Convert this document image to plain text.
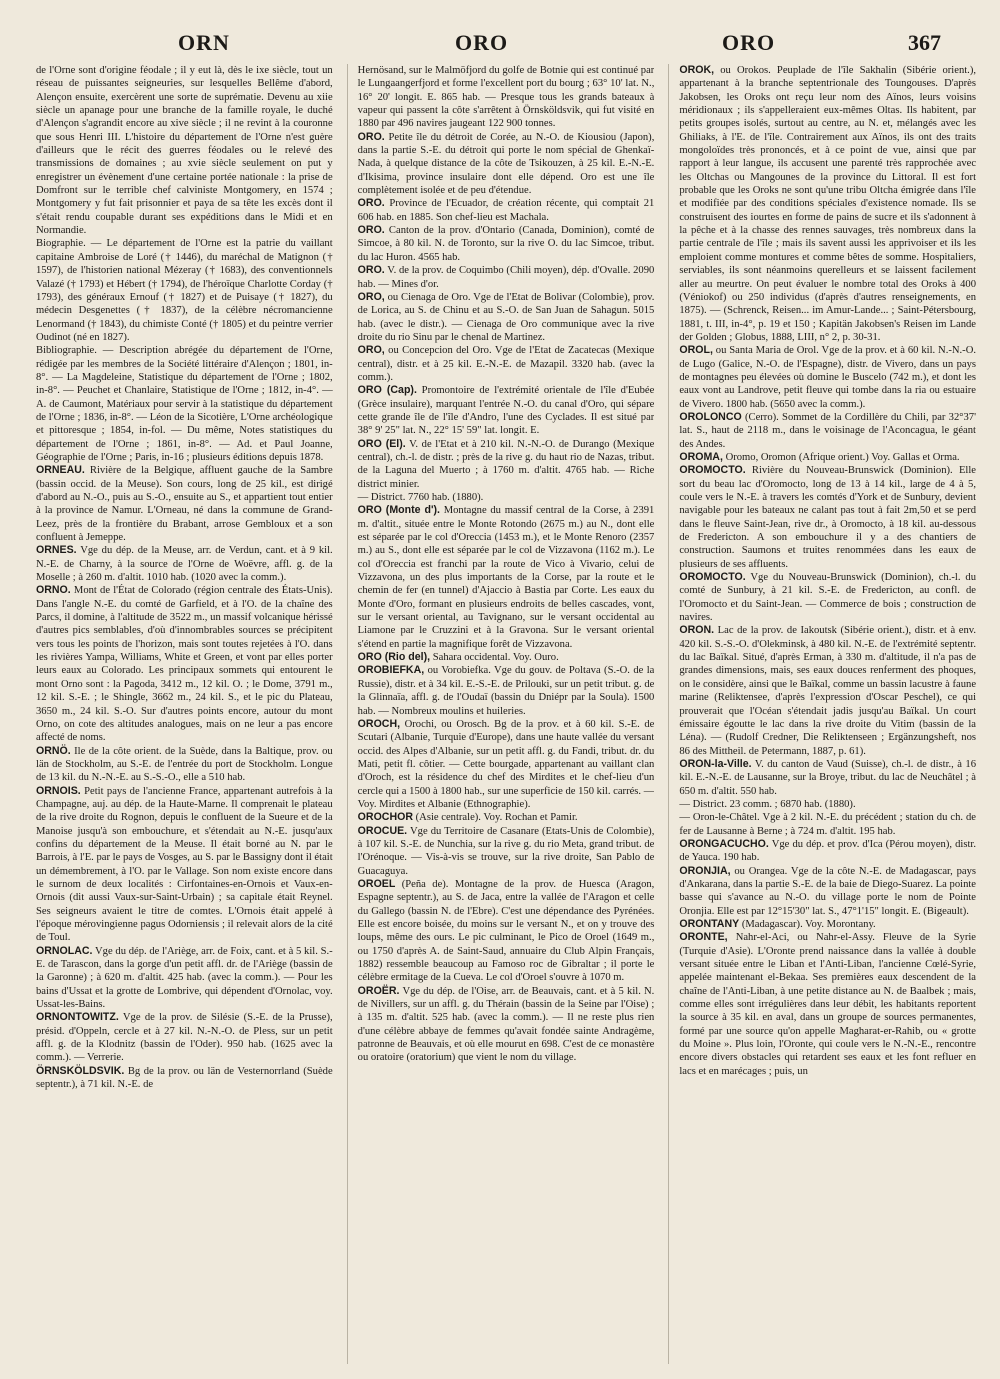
ORN	ORO	ORO	367

de l'Orne sont d'origine féodale ; il y eut là, dès le ixe siècle, tout un réseau de puissantes seigneuries, sur lesquelles Bellême d'abord, Alençon ensuite, exercèrent une sorte de suprématie. Devenu au xiie siècle un apanage pour une branche de la famille royale, le duché d'Alençon s'agrandit encore au xive siècle ; il ne revint à la couronne que sous Henri III. L'histoire du département de l'Orne n'est guère d'ailleurs que le récit des guerres féodales ou le relevé des transmissions de domaines ; au xvie siècle seulement on put y enregistrer un évènement d'une certaine portée nationale : la prise de Domfront sur le terrible chef calviniste Montgomery, en 1574 ; Montgomery y fut fait prisonnier et paya de sa tête les excès dont il s'était rendu coupable durant ses expéditions dans le Midi et en Normandie.

Biographie. — Le département de l'Orne est la patrie du vaillant capitaine Ambroise de Loré († 1446), du maréchal de Matignon († 1597), de l'historien national Mézeray († 1683), des conventionnels Valazé († 1793) et Hébert († 1794), de l'héroïque Charlotte Corday († 1793), des généraux Ernouf († 1827) et de Puisaye († 1827), du médecin Desgenettes († 1837), de la célèbre nécromancienne Lenormand († 1843), du chimiste Conté († 1805) et du peintre verrier Oudinot (né en 1827).

Bibliographie. — Description abrégée du département de l'Orne, rédigée par les membres de la Société littéraire d'Alençon ; 1801, in-8°. — La Magdeleine, Statistique du département de l'Orne ; 1802, in-8°. — Peuchet et Chanlaire, Statistique de l'Orne ; 1812, in-4°. — A. de Caumont, Matériaux pour servir à la statistique du département de l'Orne ; 1836, in-8°. — Léon de la Sicotière, L'Orne archéologique et pittoresque ; 1854, in-fol. — Du même, Notes statistiques du département de l'Orne ; 1861, in-8°. — Ad. et Paul Joanne, Géographie de l'Orne ; Paris, in-16 ; plusieurs éditions depuis 1878.

ORNEAU. Rivière de la Belgique, affluent gauche de la Sambre (bassin occid. de la Meuse). Son cours, long de 25 kil., est dirigé d'abord au N.-O., puis au S.-O., ensuite au S., et appartient tout entier à la province de Namur. L'Orneau, né dans la commune de Grand-Leez, près de la frontière du Brabant, arrose Gembloux et a son confluent à Jemeppe.

ORNES. Vge du dép. de la Meuse, arr. de Verdun, cant. et à 9 kil. N.-E. de Charny, à la source de l'Orne de Woëvre, affl. g. de la Moselle ; à 260 m. d'altit. 1010 hab. (1020 avec la comm.).

ORNO. Mont de l'État de Colorado (région centrale des États-Unis). Dans l'angle N.-E. du comté de Garfield, et à l'O. de la chaîne des Parcs, il domine, à l'altitude de 3522 m., un massif volcanique hérissé d'autres pics semblables, d'où d'innombrables sources se précipitent vers tous les points de l'horizon, mais sont toutes rejetées à l'O. dans les rivières Yampa, Williams, White et Green, et vont par elles porter leurs eaux au Colorado. Les principaux sommets qui entourent le mont Orno sont : la Pagoda, 3412 m., 12 kil. O. ; le Dome, 3791 m., 12 kil. S.-E. ; le Shingle, 3662 m., 24 kil. S., et le pic du Plateau, 3650 m., 24 kil. S.-O. Sur d'autres points encore, autour du mont Orno, on cote des altitudes analogues, mais on ne leur a pas encore affecté de noms.

ORNÖ. Ile de la côte orient. de la Suède, dans la Baltique, prov. ou län de Stockholm, au S.-E. de l'entrée du port de Stockholm. Longue de 13 kil. du N.-N.-E. au S.-S.-O., elle a 510 hab.

ORNOIS. Petit pays de l'ancienne France, appartenant autrefois à la Champagne, auj. au dép. de la Haute-Marne. Il comprenait le plateau de la rive droite du Rognon, depuis le confluent de la Sueure et de la Manoise jusqu'à son embouchure, et s'étendait au N.-E. jusqu'aux confins du département de la Meuse. Il était borné au N. par le Barrois, à l'E. par le pays de Vosges, au S. par le Bassigny dont il était un démembrement, à l'O. par le Vallage. Son nom existe encore dans le surnom de deux localités : Cirfontaines-en-Ornois et Vaux-en-Ornois (dit aussi Vaux-sur-Saint-Urbain) ; sa capitale était Reynel. Ses seigneurs avaient le titre de comtes. L'Ornois était appelé à l'époque mérovingienne pagus Odorniensis ; il relevait alors de la cité de Toul.

ORNOLAC. Vge du dép. de l'Ariège, arr. de Foix, cant. et à 5 kil. S.-E. de Tarascon, dans la gorge d'un petit affl. dr. de l'Ariège (bassin de la Garonne) ; à 620 m. d'altit. 425 hab. (avec la comm.). — Pour les bains d'Ussat et la grotte de Lombrive, qui dépendent d'Ornolac, voy. Ussat-les-Bains.

ORNONTOWITZ. Vge de la prov. de Silésie (S.-E. de la Prusse), présid. d'Oppeln, cercle et à 27 kil. N.-N.-O. de Pless, sur un petit affl. g. de la Klodnitz (bassin de l'Oder). 950 hab. (1625 avec la comm.). — Verrerie.

ÖRNSKÖLDSVIK. Bg de la prov. ou län de Vesternorrland (Suède septentr.), à 71 kil. N.-E. de

Hernösand, sur le Malmöfjord du golfe de Botnie qui est continué par le Lungaangerfjord et forme l'excellent port du bourg ; 63° 10' lat. N., 16° 20' longit. E. 865 hab. — Presque tous les grands bateaux à vapeur qui passent la côte s'arrêtent à Örnsköldsvik, qui fut visité en 1880 par 496 navires jaugeant 122 900 tonnes.

ORO. Petite île du détroit de Corée, au N.-O. de Kiousiou (Japon), dans la partie S.-E. du détroit qui porte le nom spécial de Ghenkaï-Nada, à quelque distance de la côte de Tsikouzen, à 25 kil. E.-N.-E. d'Ikisima, province insulaire dont elle dépend. Oro est une île complètement isolée et de peu d'étendue.

ORO. Province de l'Ecuador, de création récente, qui comptait 21 606 hab. en 1885. Son chef-lieu est Machala.

ORO. Canton de la prov. d'Ontario (Canada, Dominion), comté de Simcoe, à 80 kil. N. de Toronto, sur la rive O. du lac Simcoe, tribut. du lac Huron. 4565 hab.

ORO. V. de la prov. de Coquimbo (Chili moyen), dép. d'Ovalle. 2090 hab. — Mines d'or.

ORO, ou Cienaga de Oro. Vge de l'Etat de Bolivar (Colombie), prov. de Lorica, au S. de Chinu et au S.-O. de San Juan de Sahagun. 5015 hab. (avec le distr.). — Cienaga de Oro communique avec la rive droite du rio Sinu par le chenal de Martinez.

ORO, ou Concepcion del Oro. Vge de l'Etat de Zacatecas (Mexique central), distr. et à 25 kil. E.-N.-E. de Mazapil. 3320 hab. (avec la comm.).

ORO (Cap). Promontoire de l'extrémité orientale de l'île d'Eubée (Grèce insulaire), marquant l'entrée N.-O. du canal d'Oro, qui sépare cette grande île de l'île d'Andro, l'une des Cyclades. Il est situé par 38° 9' 25" lat. N., 22° 15' 59" lat. longit. E.

ORO (El). V. de l'Etat et à 210 kil. N.-N.-O. de Durango (Mexique central), ch.-l. de distr. ; près de la rive g. du haut rio de Nazas, tribut. de la Laguna del Muerto ; à 1760 m. d'altit. 4765 hab. — Riche district minier.

— District. 7760 hab. (1880).

ORO (Monte d'). Montagne du massif central de la Corse, à 2391 m. d'altit., située entre le Monte Rotondo (2675 m.) au N., dont elle est séparée par le col d'Oreccia (1453 m.), et le Monte Renoro (2357 m.) au S., dont elle est séparée par le col de Vizzavona (1162 m.). Le col d'Oreccia est franchi par la route de Vico à Vivario, celui de Vizzavona, un des plus importants de la Corse, par la route et le chemin de fer (en tunnel) d'Ajaccio à Bastia par Corte. Les eaux du Monte d'Oro, formant en plusieurs endroits de belles cascades, vont, sur le versant oriental, au Tavignano, sur le versant occidental au Liamone par le Cruzzini et à la Gravona. Sur le versant oriental s'étend en partie la magnifique forêt de Vizzavona.

ORO (Rio del), Sahara occidental. Voy. Ouro.

OROBIEFKA, ou Vorobiefka. Vge du gouv. de Poltava (S.-O. de la Russie), distr. et à 34 kil. E.-S.-E. de Prilouki, sur un petit tribut. g. de la Glinnaïa, affl. g. de l'Oudaï (bassin du Dniépr par la Soula). 1500 hab. — Nombreux moulins et huileries.

OROCH, Orochi, ou Orosch. Bg de la prov. et à 60 kil. S.-E. de Scutari (Albanie, Turquie d'Europe), dans une haute vallée du versant occid. des Alpes d'Albanie, sur un petit affl. g. du Fandi, tribut. dr. du Mati, petit fl. côtier. — Cette bourgade, appartenant au vaillant clan d'Oroch, est la résidence du chef des Mirdites et le chef-lieu d'un cercle qui a 1500 à 1800 hab., sur une superficie de 150 kil. carrés. — Voy. Mirdites et Albanie (Ethnographie).

OROCHOR (Asie centrale). Voy. Rochan et Pamir.

OROCUE. Vge du Territoire de Casanare (Etats-Unis de Colombie), à 107 kil. S.-E. de Nunchia, sur la rive g. du rio Meta, grand tribut. de l'Orénoque. — Vis-à-vis se trouve, sur la rive droite, San Pablo de Guacaguya.

OROEL (Peña de). Montagne de la prov. de Huesca (Aragon, Espagne septentr.), au S. de Jaca, entre la vallée de l'Aragon et celle du Gallego (bassin N. de l'Ebre). C'est une dépendance des Pyrénées. Elle est encore boisée, du moins sur le versant N., et on y trouve des loups, même des ours. Le pic culminant, le Pico de Oroel (1649 m., ou 1750 d'après A. de Saint-Saud, annuaire du Club Alpin Français, 1882) ressemble beaucoup au Famoso roc de Gibraltar ; il porte le célèbre ermitage de la Cueva. Le col d'Oroel s'ouvre à 1070 m.

OROËR. Vge du dép. de l'Oise, arr. de Beauvais, cant. et à 5 kil. N. de Nivillers, sur un affl. g. du Thérain (bassin de la Seine par l'Oise) ; à 135 m. d'altit. 525 hab. (avec la comm.). — Il ne reste plus rien d'une célèbre abbaye de femmes qu'avait fondée sainte Andragème, patronne de Beauvais, et où elle mourut en 698. C'est de ce monastère ou oratoire (oratorium) que vient le nom du village.

OROK, ou Orokos. Peuplade de l'île Sakhalin (Sibérie orient.), appartenant à la branche septentrionale des Toungouses. D'après Jakobsen, les Oroks ont reçu leur nom des Aïnos, leurs voisins méridionaux ; ils s'appelleraient eux-mêmes Oltas. Ils habitent, par petits groupes isolés, surtout au centre, au N. et, mélangés avec les Ghiliaks, à l'E. de l'île. Contrairement aux Aïnos, ils ont des traits mongoloïdes très prononcés, et à ce point de vue, ainsi que par rapport à leur langue, ils accusent une parenté très rapprochée avec les Oltchas ou Mangounes de la province du Littoral. Il est fort probable que les Oroks ne sont qu'une tribu Oltcha émigrée dans l'île et modifiée par des conditions spéciales d'existence nomade. Ils se construisent des iourtes en forme de pains de sucre et ils s'adonnent à la pêche et à la chasse des rennes sauvages, très nombreux dans la partie centrale de l'île ; mais ils savent aussi les apprivoiser et ils les emploient comme montures et comme bêtes de somme. Hospitaliers, serviables, ils sont néanmoins querelleurs et se laissent facilement aller au meurtre. On peut évaluer le nombre total des Oroks à 400 (Véniokof) ou 250 individus (d'après d'autres renseignements, en 1875). — (Schrenck, Reisen... im Amur-Lande... ; Saint-Pétersbourg, 1881, t. III, in-4°, p. 19 et 150 ; Kapitän Jakobsen's Reisen im Lande der Golden ; Globus, 1888, LIII, n° 2, p. 30-31.

OROL, ou Santa Maria de Orol. Vge de la prov. et à 60 kil. N.-N.-O. de Lugo (Galice, N.-O. de l'Espagne), distr. de Vivero, dans un pays de montagnes peu élevées où domine le Buscelo (742 m.), et dont les eaux vont au Landrove, petit fleuve qui tombe dans la ria ou estuaire de Vivero. 1800 hab. (5650 avec la comm.).

OROLONCO (Cerro). Sommet de la Cordillère du Chili, par 32°37' lat. S., haut de 2118 m., dans le voisinage de l'Aconcagua, le géant des Andes.

OROMA, Oromo, Oromon (Afrique orient.) Voy. Gallas et Orma.

OROMOCTO. Rivière du Nouveau-Brunswick (Dominion). Elle sort du beau lac d'Oromocto, long de 13 à 14 kil., large de 4 à 5, coule vers le N.-E. à travers les comtés d'York et de Sunbury, devient navigable pour les bateaux ne calant pas tout à fait 2m,50 et se perd dans le fleuve Saint-Jean, rive dr., à Oromocto, à 18 kil. au-dessous de Fredericton. A son embouchure il y a des chantiers de construction. Saumons et truites renommées dans les eaux de plusieurs de ses affluents.

OROMOCTO. Vge du Nouveau-Brunswick (Dominion), ch.-l. du comté de Sunbury, à 21 kil. S.-E. de Fredericton, au confl. de l'Oromocto et du Saint-Jean. — Commerce de bois ; construction de navires.

ORON. Lac de la prov. de Iakoutsk (Sibérie orient.), distr. et à env. 420 kil. S.-S.-O. d'Olekminsk, à 480 kil. N.-E. de l'extrémité septentr. du lac Baïkal. Situé, d'après Erman, à 330 m. d'altitude, il n'a pas de grandes dimensions, mais, ses eaux douces renferment des phoques, on le considère, ainsi que le Baïkal, comme un bassin lacustre à faune marine (Reliktensee, d'après l'expression d'Oscar Peschel), ce qui prouverait que l'Océan s'étendait jadis jusqu'au Baïkal. Un court émissaire égoutte le lac dans la rive droite du Vitim (bassin de la Léna). — (Rudolf Credner, Die Reliktenseen ; Ergänzungsheft, nos 86 des Mittheil. de Petermann, 1887, p. 61).

ORON-la-Ville. V. du canton de Vaud (Suisse), ch.-l. de distr., à 16 kil. E.-N.-E. de Lausanne, sur la Broye, tribut. du lac de Neuchâtel ; à 650 m. d'altit. 550 hab.

— District. 23 comm. ; 6870 hab. (1880).

— Oron-le-Châtel. Vge à 2 kil. N.-E. du précédent ; station du ch. de fer de Lausanne à Berne ; à 724 m. d'altit. 195 hab.

ORONGACUCHO. Vge du dép. et prov. d'Ica (Pérou moyen), distr. de Yauca. 190 hab.

ORONJIA, ou Orangea. Vge de la côte N.-E. de Madagascar, pays d'Ankarana, dans la partie S.-E. de la baie de Diego-Suarez. La pointe basse qui s'avance au N.-O. du village porte le nom de Pointe Oronjia. Elle est par 12°15'30" lat. S., 47°1'15" longit. E. (Bigeault).

ORONTANY (Madagascar). Voy. Morontany.

ORONTE, Nahr-el-Aci, ou Nahr-el-Assy. Fleuve de la Syrie (Turquie d'Asie). L'Oronte prend naissance dans la vallée à double versant située entre le Liban et l'Anti-Liban, l'ancienne Cœlé-Syrie, appelée maintenant el-Bekaa. Ses premières eaux descendent de la chaîne de l'Anti-Liban, à une petite distance au N. de Baalbek ; mais, comme elles sont irrégulières dans leur débit, les habitants reportent la source à 35 kil. en aval, dans un groupe de sources permanentes, formé par une source qu'on appelle Magharat-er-Rahib, ou « grotte du Moine ». Plus loin, l'Oronte, qui coule vers le N.-N.-E., rencontre encore divers obstacles qui retardent ses eaux et les font refluer en lacs et en marécages ; puis, un
